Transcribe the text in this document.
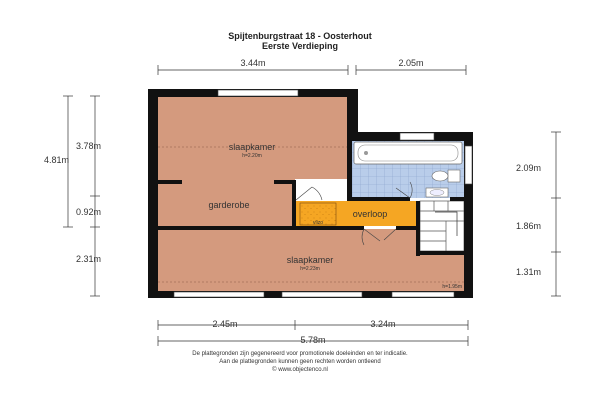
Spijtenburgstraat 18 - Oosterhout
Eerste Verdieping
3.44m	2.05m
4.81m
3.78m
0.92m
2.31m
2.09m
1.86m
1.31m
slaapkamer
h=2.20m
garderobe
overloop
vlizo
slaapkamer
h=2.23m
h=1.95m
2.45m	3.24m
5.78m
De plattegronden zijn gegenereerd voor promotionele doeleinden en ter indicatie.
Aan de plattegronden kunnen geen rechten worden ontleend
© www.objectenco.nl
